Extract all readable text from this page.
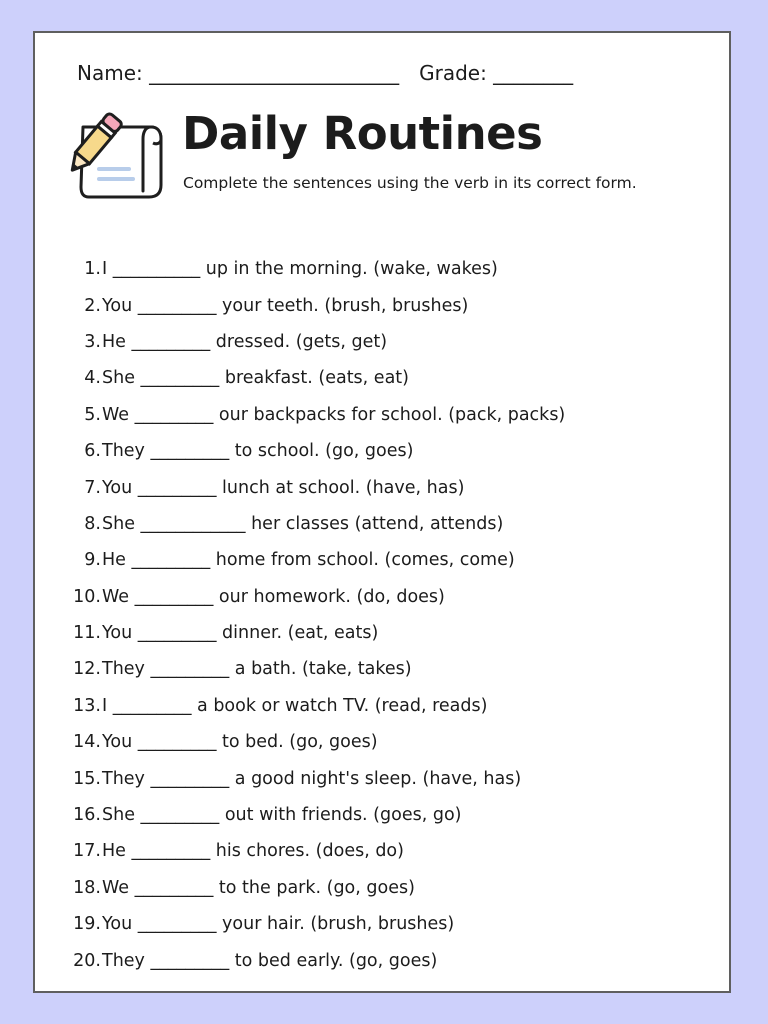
Name: _________________________ Grade: ________
Daily Routines
Complete the sentences using the verb in its correct form.
1. I __________ up in the morning. (wake, wakes)
2. You _________ your teeth. (brush, brushes)
3. He _________ dressed. (gets, get)
4. She _________ breakfast. (eats, eat)
5. We _________ our backpacks for school. (pack, packs)
6. They _________ to school. (go, goes)
7. You _________ lunch at school. (have, has)
8. She ____________ her classes (attend, attends)
9. He _________ home from school. (comes, come)
10. We _________ our homework. (do, does)
11. You _________ dinner. (eat, eats)
12. They _________ a bath. (take, takes)
13. I _________ a book or watch TV. (read, reads)
14. You _________ to bed. (go, goes)
15. They _________ a good night's sleep. (have, has)
16. She _________ out with friends. (goes, go)
17. He _________ his chores. (does, do)
18. We _________ to the park. (go, goes)
19. You _________ your hair. (brush, brushes)
20. They _________ to bed early. (go, goes)
